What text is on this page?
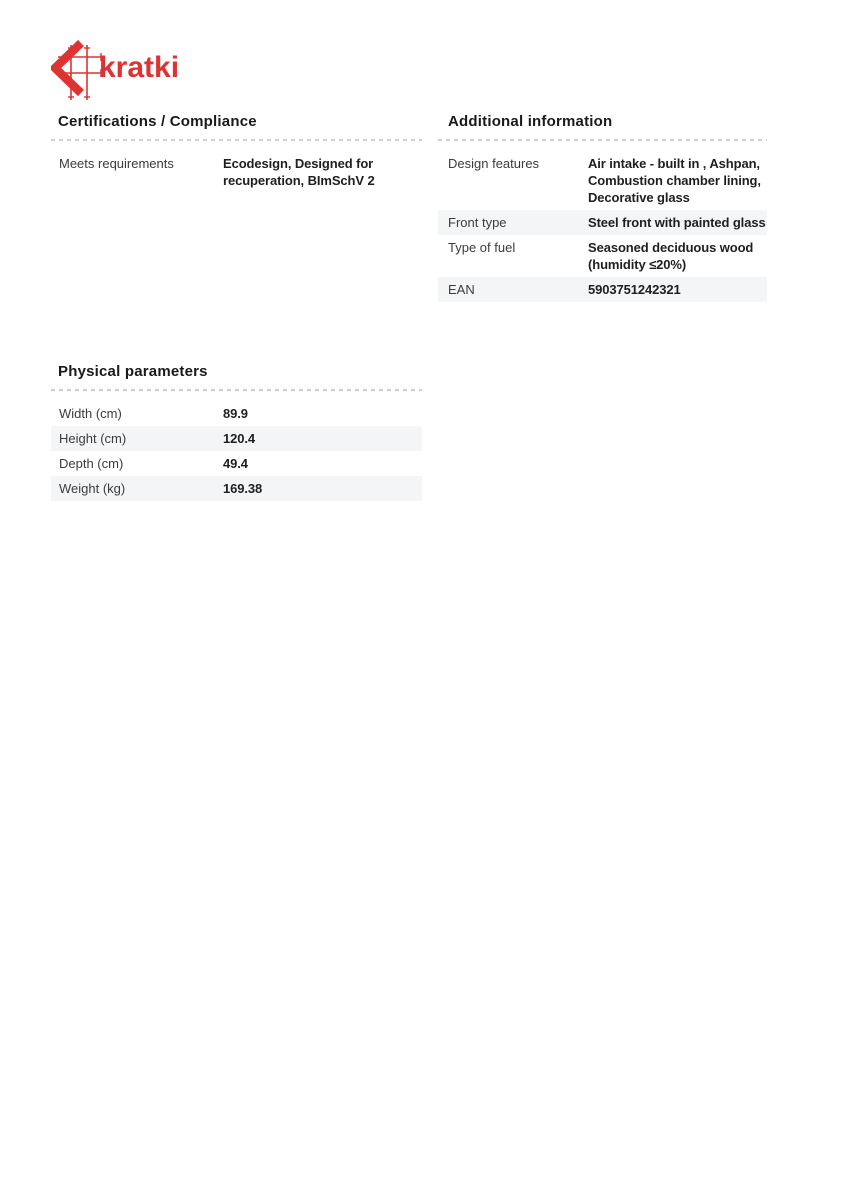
kratki
Certifications / Compliance
Meets requirements	Ecodesign, Designed for recuperation, BImSchV 2
Physical parameters
Width (cm)	89.9
Height (cm)	120.4
Depth (cm)	49.4
Weight (kg)	169.38
Additional information
Design features	Air intake - built in , Ashpan, Combustion chamber lining, Decorative glass
Front type	Steel front with painted glass
Type of fuel	Seasoned deciduous wood (humidity ≤20%)
EAN	5903751242321
